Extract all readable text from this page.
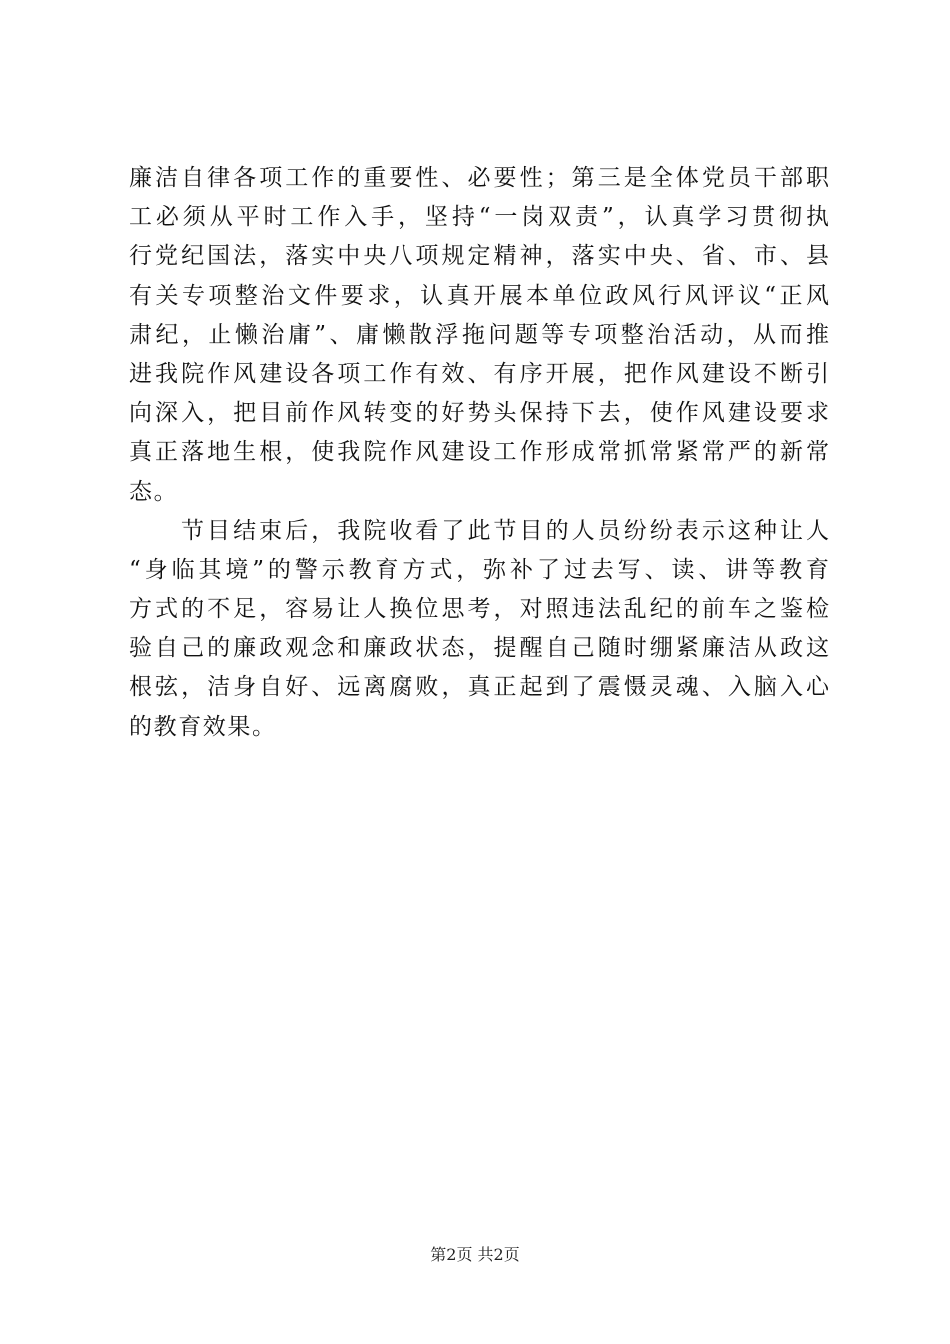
廉洁自律各项工作的重要性、必要性；第三是全体党员干部职
工必须从平时工作入手，坚持“一岗双责”，认真学习贯彻执
行党纪国法，落实中央八项规定精神，落实中央、省、市、县
有关专项整治文件要求，认真开展本单位政风行风评议“正风
肃纪，止懒治庸”、庸懒散浮拖问题等专项整治活动，从而推
进我院作风建设各项工作有效、有序开展，把作风建设不断引
向深入，把目前作风转变的好势头保持下去，使作风建设要求
真正落地生根，使我院作风建设工作形成常抓常紧常严的新常
态。
节目结束后，我院收看了此节目的人员纷纷表示这种让人
“身临其境”的警示教育方式，弥补了过去写、读、讲等教育
方式的不足，容易让人换位思考，对照违法乱纪的前车之鉴检
验自己的廉政观念和廉政状态，提醒自己随时绷紧廉洁从政这
根弦，洁身自好、远离腐败，真正起到了震慑灵魂、入脑入心
的教育效果。
第2页 共2页
